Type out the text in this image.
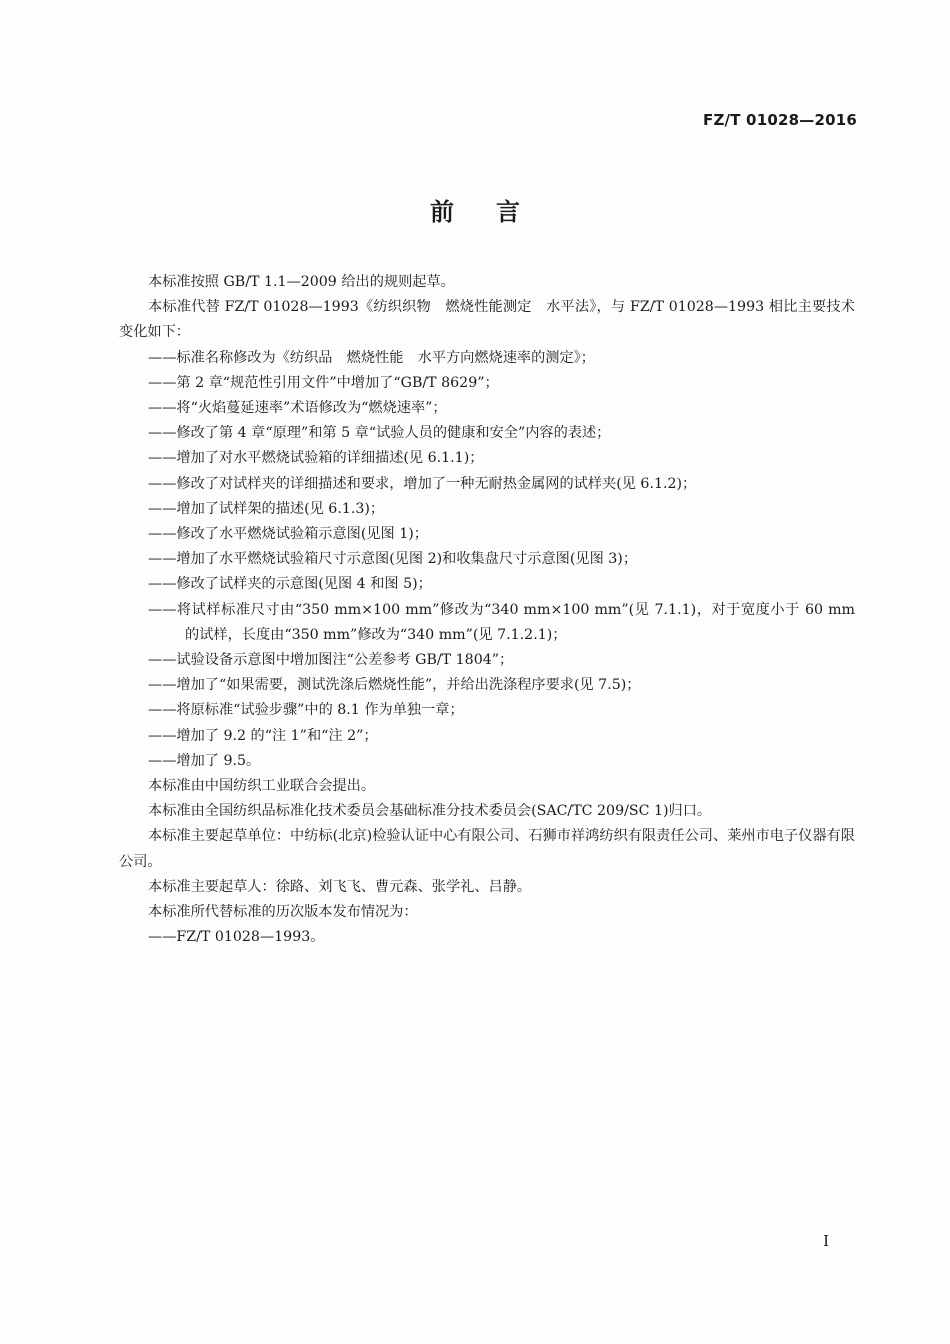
FZ/T 01028—2016
前言

本标准按照 GB/T 1.1—2009 给出的规则起草。

本标准代替 FZ/T 01028—1993《纺织织物　燃烧性能测定　水平法》，与 FZ/T 01028—1993 相比主要技术变化如下：

——标准名称修改为《纺织品　燃烧性能　水平方向燃烧速率的测定》；

——第 2 章“规范性引用文件”中增加了“GB/T 8629”；

——将“火焰蔓延速率”术语修改为“燃烧速率”；

——修改了第 4 章“原理”和第 5 章“试验人员的健康和安全”内容的表述；

——增加了对水平燃烧试验箱的详细描述(见 6.1.1)；

——修改了对试样夹的详细描述和要求，增加了一种无耐热金属网的试样夹(见 6.1.2)；

——增加了试样架的描述(见 6.1.3)；

——修改了水平燃烧试验箱示意图(见图 1)；

——增加了水平燃烧试验箱尺寸示意图(见图 2)和收集盘尺寸示意图(见图 3)；

——修改了试样夹的示意图(见图 4 和图 5)；

——将试样标准尺寸由“350 mm×100 mm”修改为“340 mm×100 mm”(见 7.1.1)，对于宽度小于 60 mm 的试样，长度由“350 mm”修改为“340 mm”(见 7.1.2.1)；

——试验设备示意图中增加图注“公差参考 GB/T 1804”；

——增加了“如果需要，测试洗涤后燃烧性能”，并给出洗涤程序要求(见 7.5)；

——将原标准“试验步骤”中的 8.1 作为单独一章；

——增加了 9.2 的“注 1”和“注 2”；

——增加了 9.5。

本标准由中国纺织工业联合会提出。

本标准由全国纺织品标准化技术委员会基础标准分技术委员会(SAC/TC 209/SC 1)归口。

本标准主要起草单位：中纺标(北京)检验认证中心有限公司、石狮市祥鸿纺织有限责任公司、莱州市电子仪器有限公司。

本标准主要起草人：徐路、刘飞飞、曹元森、张学礼、吕静。

本标准所代替标准的历次版本发布情况为：

——FZ/T 01028—1993。

I
